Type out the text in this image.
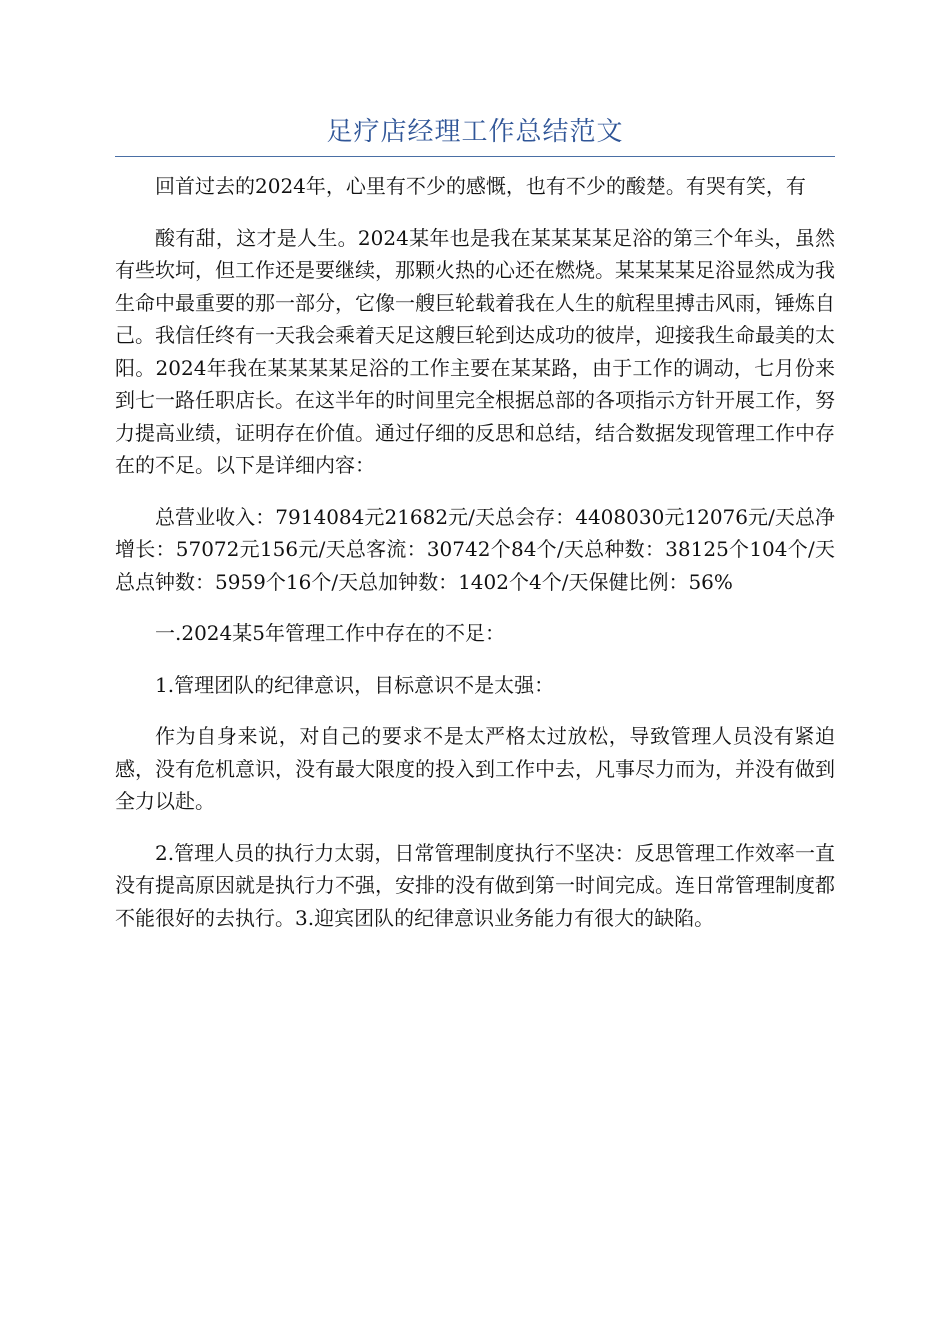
足疗店经理工作总结范文

回首过去的2024年，心里有不少的感慨，也有不少的酸楚。有哭有笑，有

酸有甜，这才是人生。2024某年也是我在某某某某足浴的第三个年头，虽然有些坎坷，但工作还是要继续，那颗火热的心还在燃烧。某某某某足浴显然成为我生命中最重要的那一部分，它像一艘巨轮载着我在人生的航程里搏击风雨，锤炼自己。我信任终有一天我会乘着天足这艘巨轮到达成功的彼岸，迎接我生命最美的太阳。2024年我在某某某某足浴的工作主要在某某路，由于工作的调动，七月份来到七一路任职店长。在这半年的时间里完全根据总部的各项指示方针开展工作，努力提高业绩，证明存在价值。通过仔细的反思和总结，结合数据发现管理工作中存在的不足。以下是详细内容：

总营业收入：7914084元21682元/天总会存：4408030元12076元/天总净增长：57072元156元/天总客流：30742个84个/天总种数：38125个104个/天总点钟数：5959个16个/天总加钟数：1402个4个/天保健比例：56%

一.2024某5年管理工作中存在的不足：

1.管理团队的纪律意识，目标意识不是太强：

作为自身来说，对自己的要求不是太严格太过放松，导致管理人员没有紧迫感，没有危机意识，没有最大限度的投入到工作中去，凡事尽力而为，并没有做到全力以赴。

2.管理人员的执行力太弱，日常管理制度执行不坚决：反思管理工作效率一直没有提高原因就是执行力不强，安排的没有做到第一时间完成。连日常管理制度都不能很好的去执行。3.迎宾团队的纪律意识业务能力有很大的缺陷。
